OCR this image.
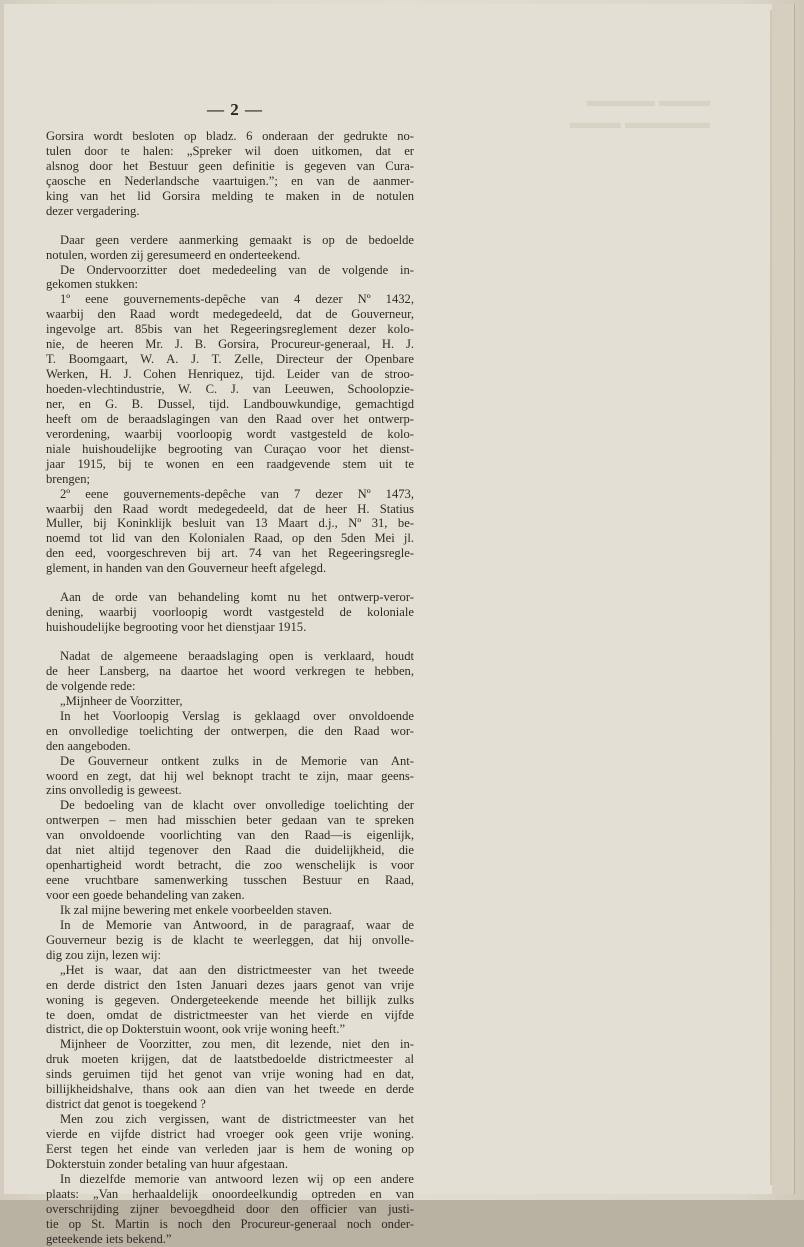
▬▬▬ ▬▬▬▬
▬▬▬▬▬ ▬▬▬
— 2 —
Gorsira wordt besloten op bladz. 6 onderaan der gedrukte no-
tulen door te halen: „Spreker wil doen uitkomen, dat er
alsnog door het Bestuur geen definitie is gegeven van Cura-
çaosche en Nederlandsche vaartuigen.”; en van de aanmer-
king van het lid Gorsira melding te maken in de notulen
dezer vergadering.
Daar geen verdere aanmerking gemaakt is op de bedoelde
notulen, worden zij geresumeerd en onderteekend.
De Ondervoorzitter doet mededeeling van de volgende in-
gekomen stukken:
1º eene gouvernements-depêche van 4 dezer Nº 1432,
waarbij den Raad wordt medegedeeld, dat de Gouverneur,
ingevolge art. 85bis van het Regeeringsreglement dezer kolo-
nie, de heeren Mr. J. B. Gorsira, Procureur-generaal, H. J.
T. Boomgaart, W. A. J. T. Zelle, Directeur der Openbare
Werken, H. J. Cohen Henriquez, tijd. Leider van de stroo-
hoeden-vlechtindustrie, W. C. J. van Leeuwen, Schoolopzie-
ner, en G. B. Dussel, tijd. Landbouwkundige, gemachtigd
heeft om de beraadslagingen van den Raad over het ontwerp-
verordening, waarbij voorloopig wordt vastgesteld de kolo-
niale huishoudelijke begrooting van Curaçao voor het dienst-
jaar 1915, bij te wonen en een raadgevende stem uit te
brengen;
2º eene gouvernements-depêche van 7 dezer Nº 1473,
waarbij den Raad wordt medegedeeld, dat de heer H. Statius
Muller, bij Koninklijk besluit van 13 Maart d.j., Nº 31, be-
noemd tot lid van den Kolonialen Raad, op den 5den Mei jl.
den eed, voorgeschreven bij art. 74 van het Regeeringsregle-
glement, in handen van den Gouverneur heeft afgelegd.
Aan de orde van behandeling komt nu het ontwerp-veror-
dening, waarbij voorloopig wordt vastgesteld de koloniale
huishoudelijke begrooting voor het dienstjaar 1915.
Nadat de algemeene beraadslaging open is verklaard, houdt
de heer Lansberg, na daartoe het woord verkregen te hebben,
de volgende rede:
„Mijnheer de Voorzitter,
In het Voorloopig Verslag is geklaagd over onvoldoende
en onvolledige toelichting der ontwerpen, die den Raad wor-
den aangeboden.
De Gouverneur ontkent zulks in de Memorie van Ant-
woord en zegt, dat hij wel beknopt tracht te zijn, maar geens-
zins onvolledig is geweest.
De bedoeling van de klacht over onvolledige toelichting der
ontwerpen – men had misschien beter gedaan van te spreken
van onvoldoende voorlichting van den Raad—is eigenlijk,
dat niet altijd tegenover den Raad die duidelijkheid, die
openhartigheid wordt betracht, die zoo wenschelijk is voor
eene vruchtbare samenwerking tusschen Bestuur en Raad,
voor een goede behandeling van zaken.
Ik zal mijne bewering met enkele voorbeelden staven.
In de Memorie van Antwoord, in de paragraaf, waar de
Gouverneur bezig is de klacht te weerleggen, dat hij onvolle-
dig zou zijn, lezen wij:
„Het is waar, dat aan den districtmeester van het tweede
en derde district den 1sten Januari dezes jaars genot van vrije
woning is gegeven. Ondergeteekende meende het billijk zulks
te doen, omdat de districtmeester van het vierde en vijfde
district, die op Dokterstuin woont, ook vrije woning heeft.”
Mijnheer de Voorzitter, zou men, dit lezende, niet den in-
druk moeten krijgen, dat de laatstbedoelde districtmeester al
sinds geruimen tijd het genot van vrije woning had en dat,
billijkheidshalve, thans ook aan dien van het tweede en derde
district dat genot is toegekend ?
Men zou zich vergissen, want de districtmeester van het
vierde en vijfde district had vroeger ook geen vrije woning.
Eerst tegen het einde van verleden jaar is hem de woning op
Dokterstuin zonder betaling van huur afgestaan.
In diezelfde memorie van antwoord lezen wij op een andere
plaats: „Van herhaaldelijk onoordeelkundig optreden en van
overschrijding zijner bevoegdheid door den officier van justi-
tie op St. Martin is noch den Procureur-generaal noch onder-
geteekende iets bekend.”
